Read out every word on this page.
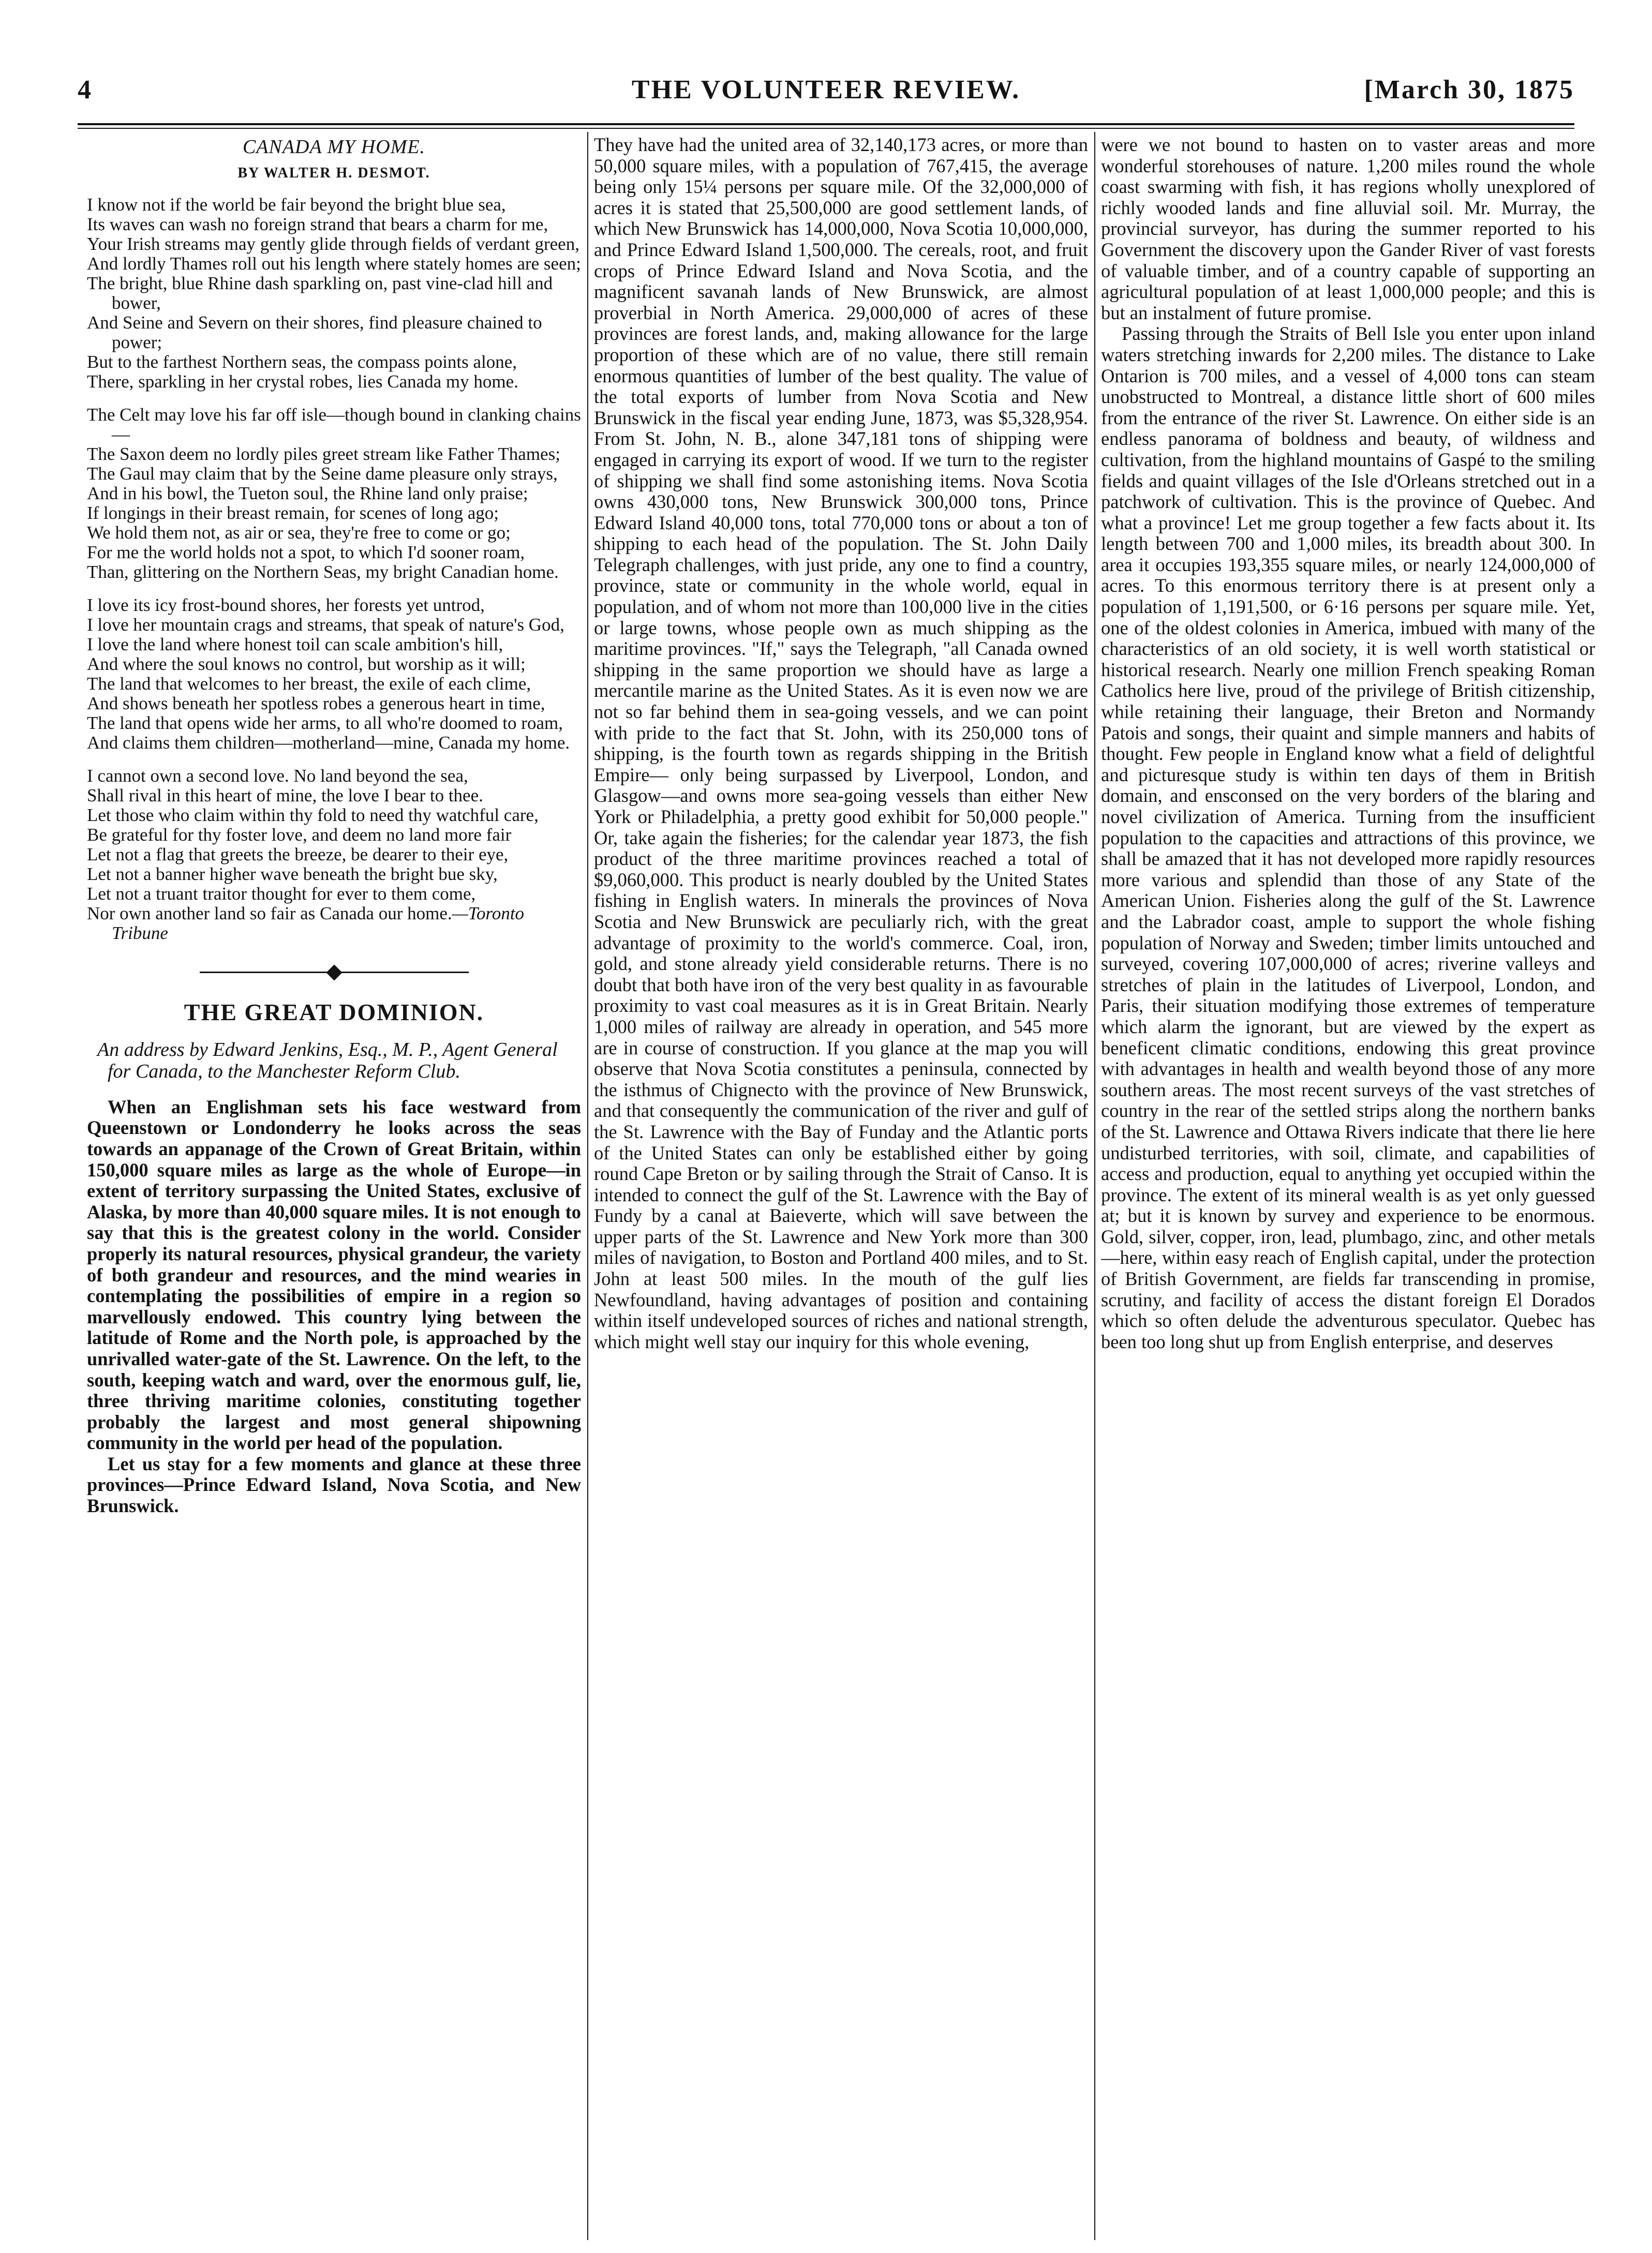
4	THE VOLUNTEER REVIEW.	[March 30, 1875
CANADA MY HOME.
BY WALTER H. DESMOT.

I know not if the world be fair beyond the bright blue sea,

Its waves can wash no foreign strand that bears a charm for me,

Your Irish streams may gently glide through fields of verdant green,

And lordly Thames roll out his length where stately homes are seen;

The bright, blue Rhine dash sparkling on, past vine-clad hill and bower,

And Seine and Severn on their shores, find pleasure chained to power;

But to the farthest Northern seas, the compass points alone,

There, sparkling in her crystal robes, lies Canada my home.

The Celt may love his far off isle—though bound in clanking chains—

The Saxon deem no lordly piles greet stream like Father Thames;

The Gaul may claim that by the Seine dame pleasure only strays,

And in his bowl, the Tueton soul, the Rhine land only praise;

If longings in their breast remain, for scenes of long ago;

We hold them not, as air or sea, they're free to come or go;

For me the world holds not a spot, to which I'd sooner roam,

Than, glittering on the Northern Seas, my bright Canadian home.

I love its icy frost-bound shores, her forests yet untrod,

I love her mountain crags and streams, that speak of nature's God,

I love the land where honest toil can scale ambition's hill,

And where the soul knows no control, but worship as it will;

The land that welcomes to her breast, the exile of each clime,

And shows beneath her spotless robes a generous heart in time,

The land that opens wide her arms, to all who're doomed to roam,

And claims them children—motherland—mine, Canada my home.

I cannot own a second love. No land beyond the sea,

Shall rival in this heart of mine, the love I bear to thee.

Let those who claim within thy fold to need thy watchful care,

Be grateful for thy foster love, and deem no land more fair

Let not a flag that greets the breeze, be dearer to their eye,

Let not a banner higher wave beneath the bright bue sky,

Let not a truant traitor thought for ever to them come,

Nor own another land so fair as Canada our home.—Toronto Tribune

THE GREAT DOMINION.
An address by Edward Jenkins, Esq., M. P., Agent General for Canada, to the Manchester Reform Club.

When an Englishman sets his face westward from Queenstown or Londonderry he looks across the seas towards an appanage of the Crown of Great Britain, within 150,000 square miles as large as the whole of Europe—in extent of territory surpassing the United States, exclusive of Alaska, by more than 40,000 square miles. It is not enough to say that this is the greatest colony in the world. Consider properly its natural resources, physical grandeur, the variety of both grandeur and resources, and the mind wearies in contemplating the possibilities of empire in a region so marvellously endowed. This country lying between the latitude of Rome and the North pole, is approached by the unrivalled water-gate of the St. Lawrence. On the left, to the south, keeping watch and ward, over the enormous gulf, lie, three thriving maritime colonies, constituting together probably the largest and most general shipowning community in the world per head of the population.

Let us stay for a few moments and glance at these three provinces—Prince Edward Island, Nova Scotia, and New Brunswick.

They have had the united area of 32,140,173 acres, or more than 50,000 square miles, with a population of 767,415, the average being only 15¼ persons per square mile. Of the 32,000,000 of acres it is stated that 25,500,000 are good settlement lands, of which New Brunswick has 14,000,000, Nova Scotia 10,000,000, and Prince Edward Island 1,500,000. The cereals, root, and fruit crops of Prince Edward Island and Nova Scotia, and the magnificent savanah lands of New Brunswick, are almost proverbial in North America. 29,000,000 of acres of these provinces are forest lands, and, making allowance for the large proportion of these which are of no value, there still remain enormous quantities of lumber of the best quality. The value of the total exports of lumber from Nova Scotia and New Brunswick in the fiscal year ending June, 1873, was $5,328,954. From St. John, N. B., alone 347,181 tons of shipping were engaged in carrying its export of wood. If we turn to the register of shipping we shall find some astonishing items. Nova Scotia owns 430,000 tons, New Brunswick 300,000 tons, Prince Edward Island 40,000 tons, total 770,000 tons or about a ton of shipping to each head of the population. The St. John Daily Telegraph challenges, with just pride, any one to find a country, province, state or community in the whole world, equal in population, and of whom not more than 100,000 live in the cities or large towns, whose people own as much shipping as the maritime provinces. "If," says the Telegraph, "all Canada owned shipping in the same proportion we should have as large a mercantile marine as the United States. As it is even now we are not so far behind them in sea-going vessels, and we can point with pride to the fact that St. John, with its 250,000 tons of shipping, is the fourth town as regards shipping in the British Empire— only being surpassed by Liverpool, London, and Glasgow—and owns more sea-going vessels than either New York or Philadelphia, a pretty good exhibit for 50,000 people." Or, take again the fisheries; for the calendar year 1873, the fish product of the three maritime provinces reached a total of $9,060,000. This product is nearly doubled by the United States fishing in English waters. In minerals the provinces of Nova Scotia and New Brunswick are peculiarly rich, with the great advantage of proximity to the world's commerce. Coal, iron, gold, and stone already yield considerable returns. There is no doubt that both have iron of the very best quality in as favourable proximity to vast coal measures as it is in Great Britain. Nearly 1,000 miles of railway are already in operation, and 545 more are in course of construction. If you glance at the map you will observe that Nova Scotia constitutes a peninsula, connected by the isthmus of Chignecto with the province of New Brunswick, and that consequently the communication of the river and gulf of the St. Lawrence with the Bay of Funday and the Atlantic ports of the United States can only be established either by going round Cape Breton or by sailing through the Strait of Canso. It is intended to connect the gulf of the St. Lawrence with the Bay of Fundy by a canal at Baieverte, which will save between the upper parts of the St. Lawrence and New York more than 300 miles of navigation, to Boston and Portland 400 miles, and to St. John at least 500 miles. In the mouth of the gulf lies Newfoundland, having advantages of position and containing within itself undeveloped sources of riches and national strength, which might well stay our inquiry for this whole evening,

were we not bound to hasten on to vaster areas and more wonderful storehouses of nature. 1,200 miles round the whole coast swarming with fish, it has regions wholly unexplored of richly wooded lands and fine alluvial soil. Mr. Murray, the provincial surveyor, has during the summer reported to his Government the discovery upon the Gander River of vast forests of valuable timber, and of a country capable of supporting an agricultural population of at least 1,000,000 people; and this is but an instalment of future promise.

Passing through the Straits of Bell Isle you enter upon inland waters stretching inwards for 2,200 miles. The distance to Lake Ontarion is 700 miles, and a vessel of 4,000 tons can steam unobstructed to Montreal, a distance little short of 600 miles from the entrance of the river St. Lawrence. On either side is an endless panorama of boldness and beauty, of wildness and cultivation, from the highland mountains of Gaspé to the smiling fields and quaint villages of the Isle d'Orleans stretched out in a patchwork of cultivation. This is the province of Quebec. And what a province! Let me group together a few facts about it. Its length between 700 and 1,000 miles, its breadth about 300. In area it occupies 193,355 square miles, or nearly 124,000,000 of acres. To this enormous territory there is at present only a population of 1,191,500, or 6·16 persons per square mile. Yet, one of the oldest colonies in America, imbued with many of the characteristics of an old society, it is well worth statistical or historical research. Nearly one million French speaking Roman Catholics here live, proud of the privilege of British citizenship, while retaining their language, their Breton and Normandy Patois and songs, their quaint and simple manners and habits of thought. Few people in England know what a field of delightful and picturesque study is within ten days of them in British domain, and ensconsed on the very borders of the blaring and novel civilization of America. Turning from the insufficient population to the capacities and attractions of this province, we shall be amazed that it has not developed more rapidly resources more various and splendid than those of any State of the American Union. Fisheries along the gulf of the St. Lawrence and the Labrador coast, ample to support the whole fishing population of Norway and Sweden; timber limits untouched and surveyed, covering 107,000,000 of acres; riverine valleys and stretches of plain in the latitudes of Liverpool, London, and Paris, their situation modifying those extremes of temperature which alarm the ignorant, but are viewed by the expert as beneficent climatic conditions, endowing this great province with advantages in health and wealth beyond those of any more southern areas. The most recent surveys of the vast stretches of country in the rear of the settled strips along the northern banks of the St. Lawrence and Ottawa Rivers indicate that there lie here undisturbed territories, with soil, climate, and capabilities of access and production, equal to anything yet occupied within the province. The extent of its mineral wealth is as yet only guessed at; but it is known by survey and experience to be enormous. Gold, silver, copper, iron, lead, plumbago, zinc, and other metals—here, within easy reach of English capital, under the protection of British Government, are fields far transcending in promise, scrutiny, and facility of access the distant foreign El Dorados which so often delude the adventurous speculator. Quebec has been too long shut up from English enterprise, and deserves
